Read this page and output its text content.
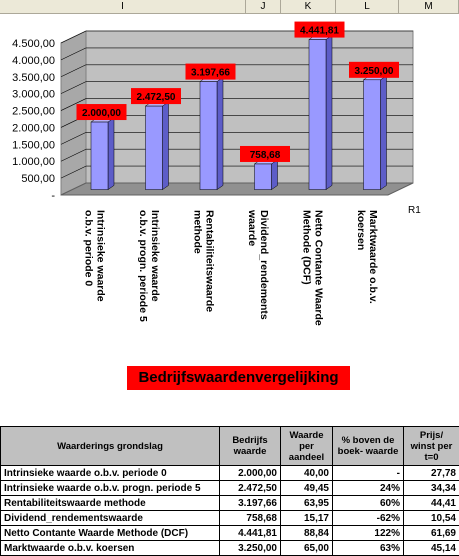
I	J	K	L	M
-
500,00
1.000,00
1.500,00
2.000,00
2.500,00
3.000,00
3.500,00
4.000,00
4.500,00
2.000,00
o.b.v. periode 0 Intrinsieke waarde
2.472,50
o.b.v. progn. periode 5 Intrinsieke waarde
3.197,66
methode Rentabiliteitswaarde
758,68
waarde Dividend_rendements
4.441,81
Methode (DCF) Netto Contante Waarde
3.250,00
koersen Marktwaarde o.b.v.	R1
Bedrijfswaardenvergelijking
Waarderings grondslag	Bedrijfs waarde	Waarde per aandeel	% boven de boek- waarde	Prijs/ winst per t=0
Intrinsieke waarde o.b.v. periode 0	2.000,00	40,00	-	27,78
Intrinsieke waarde o.b.v. progn. periode 5	2.472,50	49,45	24%	34,34
Rentabiliteitswaarde methode	3.197,66	63,95	60%	44,41
Dividend_rendementswaarde	758,68	15,17	-62%	10,54
Netto Contante Waarde Methode (DCF)	4.441,81	88,84	122%	61,69
Marktwaarde o.b.v. koersen	3.250,00	65,00	63%	45,14
